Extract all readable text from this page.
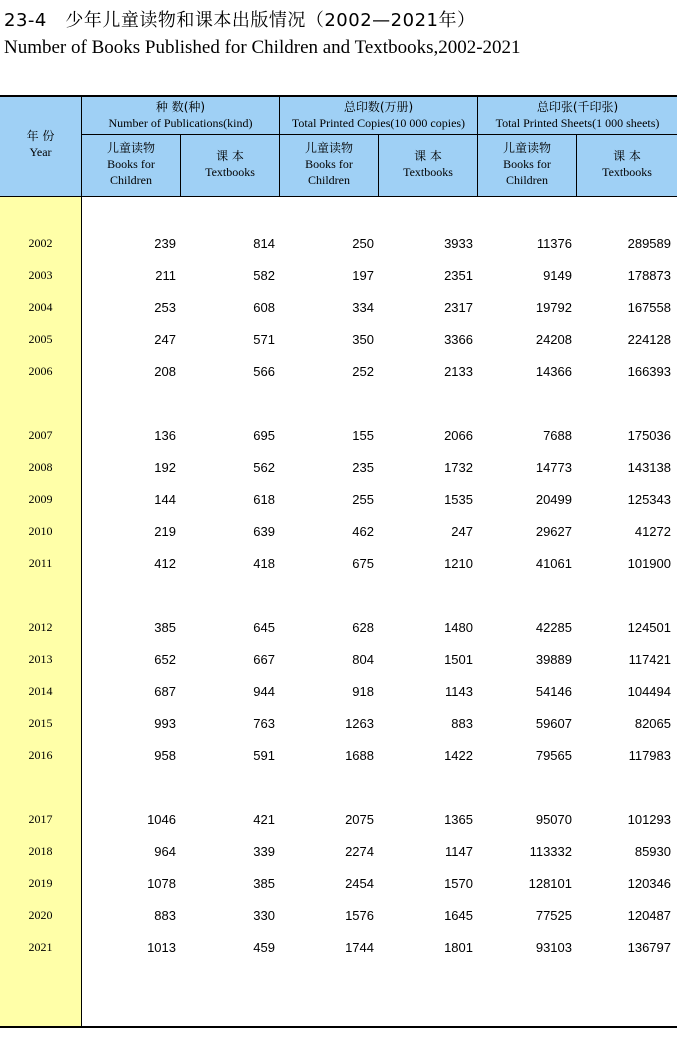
23-4　少年儿童读物和课本出版情况（2002—2021年）
Number of Books Published for Children and Textbooks,2002-2021
年 份
Year
种 数(种)
Number of Publications(kind)
总印数(万册)
Total Printed Copies(10 000 copies)
总印张(千印张)
Total Printed Sheets(1 000 sheets)
儿童读物
Books for
Children
课 本
Textbooks
儿童读物
Books for
Children
课 本
Textbooks
儿童读物
Books for
Children
课 本
Textbooks
2002	239	814	250	3933	11376	289589
2003	211	582	197	2351	9149	178873
2004	253	608	334	2317	19792	167558
2005	247	571	350	3366	24208	224128
2006	208	566	252	2133	14366	166393
2007	136	695	155	2066	7688	175036
2008	192	562	235	1732	14773	143138
2009	144	618	255	1535	20499	125343
2010	219	639	462	247	29627	41272
2011	412	418	675	1210	41061	101900
2012	385	645	628	1480	42285	124501
2013	652	667	804	1501	39889	117421
2014	687	944	918	1143	54146	104494
2015	993	763	1263	883	59607	82065
2016	958	591	1688	1422	79565	117983
2017	1046	421	2075	1365	95070	101293
2018	964	339	2274	1147	113332	85930
2019	1078	385	2454	1570	128101	120346
2020	883	330	1576	1645	77525	120487
2021	1013	459	1744	1801	93103	136797
